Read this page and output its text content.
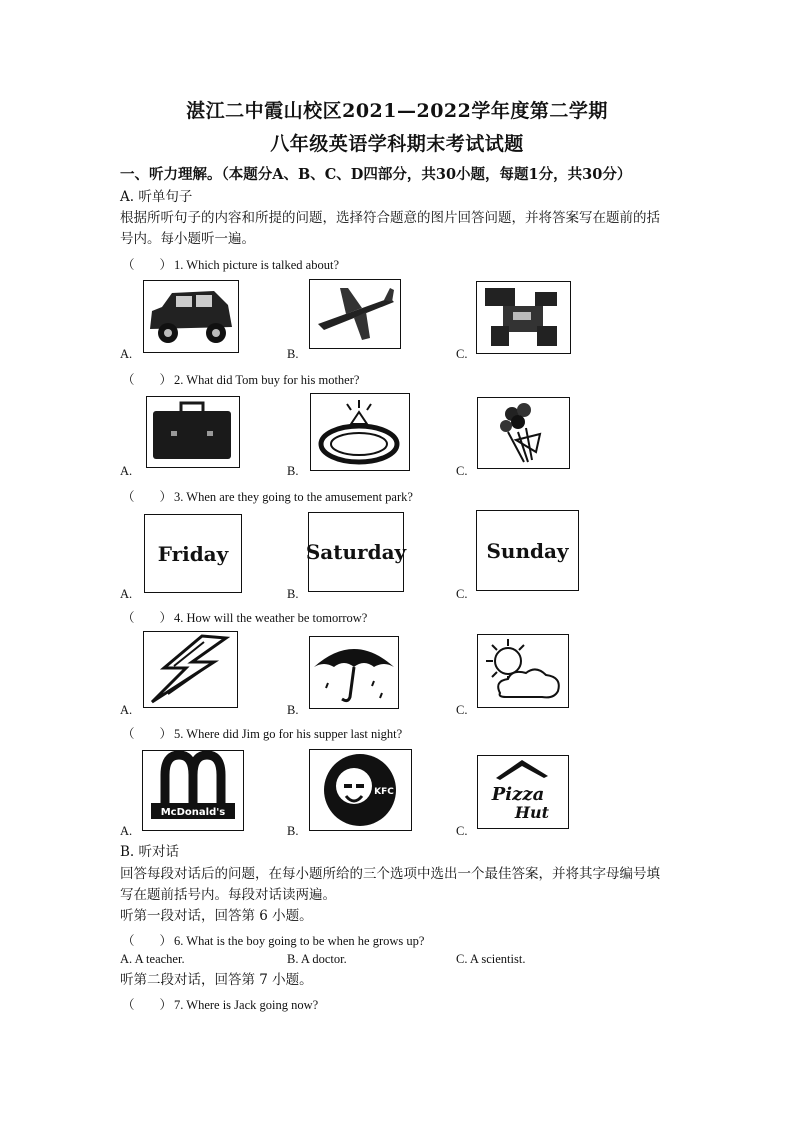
湛江二中霞山校区2021—2022学年度第二学期
八年级英语学科期末考试试题
一、听力理解。（本题分A、B、C、D四部分，共30小题，每题1分，共30分）
A. 听单句子
根据所听句子的内容和所提的问题，选择符合题意的图片回答问题，并将答案写在题前的括
号内。每小题听一遍。
（　　） 1. Which picture is talked about?
A.	B.	C.
（　　） 2. What did Tom buy for his mother?
A.	B.	C.
（　　） 3. When are they going to the amusement park?
Friday	Saturday	Sunday
A.	B.	C.
（　　） 4. How will the weather be tomorrow?
A.	B.	C.
（　　） 5. Where did Jim go for his supper last night?
McDonald's
KFC	Pizza
Hut
A.	B.	C.
B. 听对话
回答每段对话后的问题，在每小题所给的三个选项中选出一个最佳答案，并将其字母编号填
写在题前括号内。每段对话读两遍。
听第一段对话，回答第 6 小题。
（　　） 6. What is the boy going to be when he grows up?
A. A teacher.	B. A doctor.	C. A scientist.
听第二段对话，回答第 7 小题。
（　　） 7. Where is Jack going now?
